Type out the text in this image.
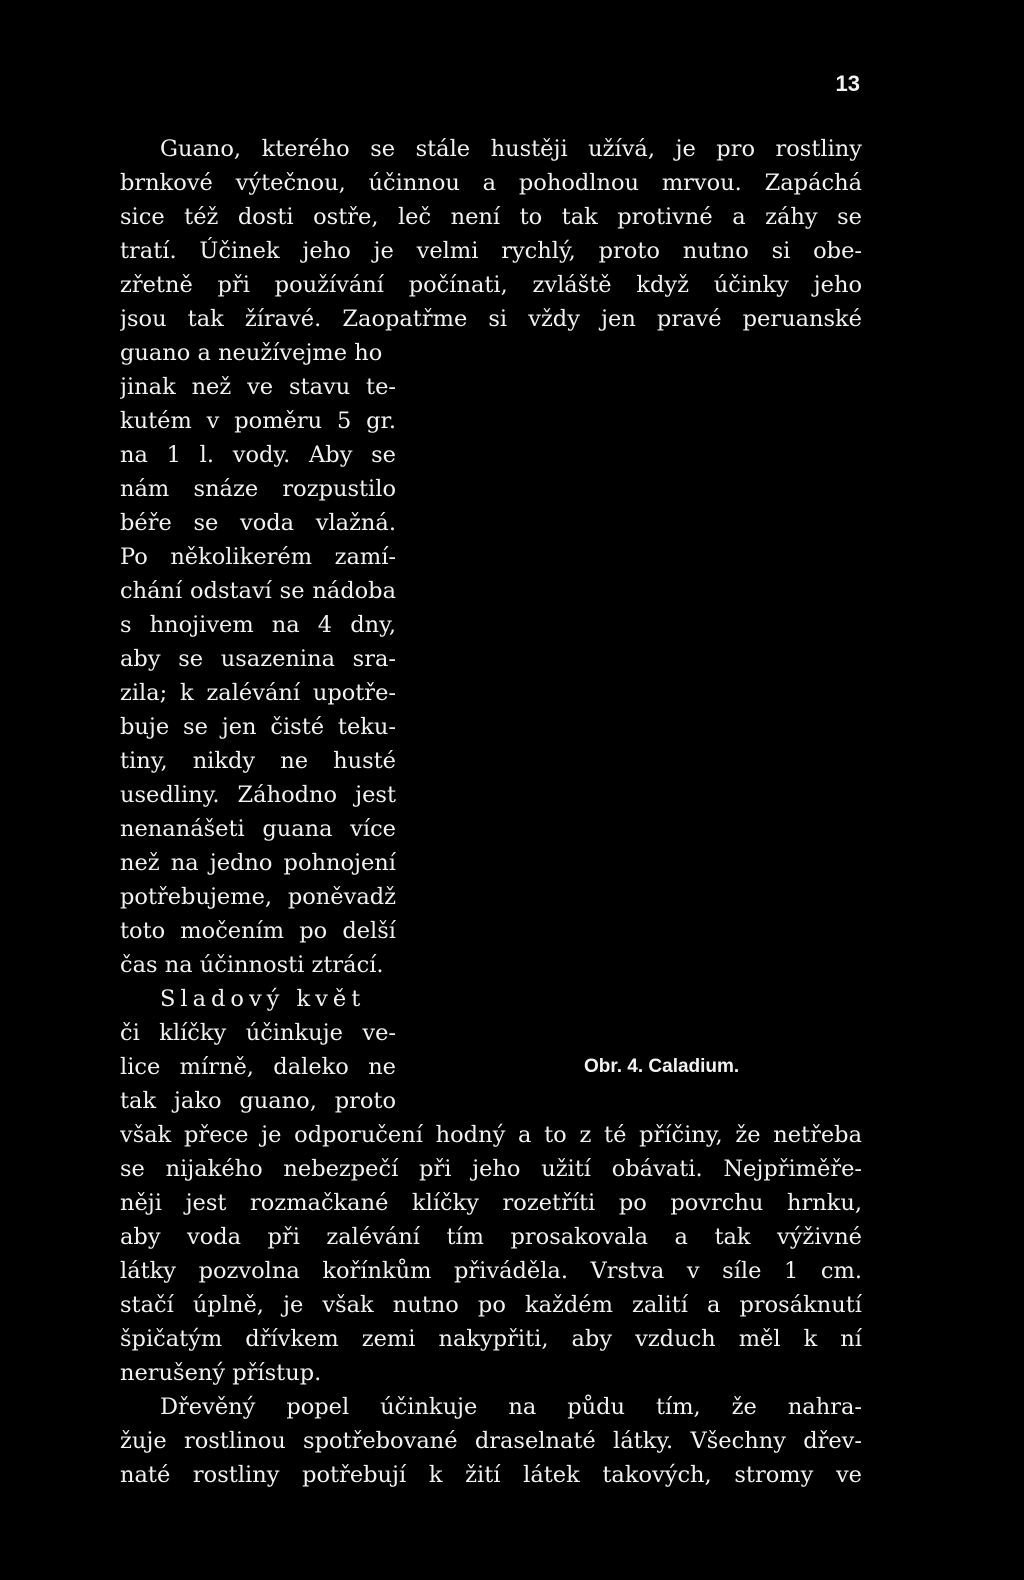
13
Guano, kterého se stále hustěji užívá, je pro rostliny
brnkové výtečnou, účinnou a pohodlnou mrvou. Zapáchá
sice též dosti ostře, leč není to tak protivné a záhy se
tratí. Účinek jeho je velmi rychlý, proto nutno si obe-
zřetně při používání počínati, zvláště když účinky jeho
jsou tak žíravé. Zaopatřme si vždy jen pravé peruanské
guano a neužívejme ho
jinak než ve stavu te-
kutém v poměru 5 gr.
na 1 l. vody. Aby se
nám snáze rozpustilo
béře se voda vlažná.
Po několikerém zamí-
chání odstaví se nádoba
s hnojivem na 4 dny,
aby se usazenina sra-
zila; k zalévání upotře-
buje se jen čisté teku-
tiny, nikdy ne husté
usedliny. Záhodno jest
nenanášeti guana více
než na jedno pohnojení
potřebujeme, poněvadž
toto močením po delší
čas na účinnosti ztrácí.
Sladový květ
či klíčky účinkuje ve-
lice mírně, daleko ne
tak jako guano, proto
Obr. 4. Caladium.
však přece je odporučení hodný a to z té příčiny, že netřeba
se nijakého nebezpečí při jeho užití obávati. Nejpřiměře-
něji jest rozmačkané klíčky rozetříti po povrchu hrnku,
aby voda při zalévání tím prosakovala a tak výživné
látky pozvolna kořínkům přiváděla. Vrstva v síle 1 cm.
stačí úplně, je však nutno po každém zalití a prosáknutí
špičatým dřívkem zemi nakypřiti, aby vzduch měl k ní
nerušený přístup.
Dřevěný popel účinkuje na půdu tím, že nahra-
žuje rostlinou spotřebované draselnaté látky. Všechny dřev-
naté rostliny potřebují k žití látek takových, stromy ve
